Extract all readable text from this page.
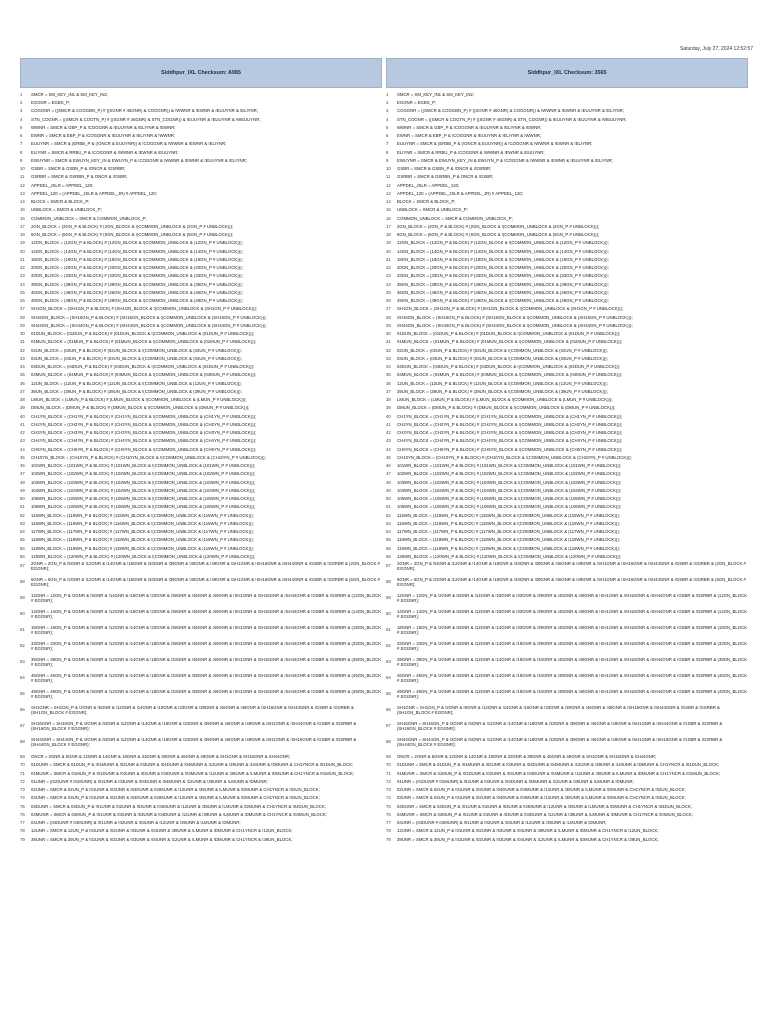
Saturday, July 27, 2024 12:52:57
Siddhpur_IXL Checksum: A985
1	SMCR = SM_KEY_IN1 & SM_KEY_IN2;
2	EGGNR = EGBS_P;
3	COGGNR = ((SMCR & COGGBN_P) # ((SGNR # 46GNR) & COGGNR)) & !WWNR & !EWNR & !EUUYNR & !ELIYNR;
4	STN_COGNR = ((SMCR & COGTN_P) # ((SGNR # 46GNR) & STN_COGNR)) & !EUUYNR & !EUUYNR & !WEUUYNR;
5	WWNR = SMCR & GBP_P & !COGGNR & !EUUYNR & !ELIYNR & !EWNR;
6	EWNR = SMCR & EBP_P & !COGGNR & !EUUYNR & !ELIYNR & !WWNR;
7	EUUYNR = SMCR & (ERBB_P & (!ONCR & EUUYNR)) & !COGGNR & !WWNR & !EWNR & !ELIYNR;
8	ELIYNR = SMCR & RRBU_P & !COGGNR & !WWNR & !EWNR & !EUUYNR;
9	EWUYNR = SMCR & EWUYN_KEY_IN & EWUYN_P & !COGGNR & !WWNR & !EWNR & !EUUYNR & !ELIYNR;
10	GSBR = SMCR & GSBN_P & !ONCR & !GSRBR;
11	GSRBR = SMCR & GSRBN_P & ONCR & !GSBR;
12	APPDEL_JSLR = APPDEL_120;
13	APPDEL_120 = (APPDEL_JSLR & APPDEL_JR) # APPDEL_120;
14	BLOCK = SMCR & BLOCK_P;
15	UNBLOCK = SMCR & UNBLOCK_P;
16	COMMON_UNBLOCK = SMCR & COMMON_UNBLOCK_P;
17	2GN_BLOCK = (2GN_P & BLOCK) # (2GN_BLOCK & !(COMMON_UNBLOCK & (2GN_P # UNBLOCK)));
18	5GN_BLOCK = (5GN_P & BLOCK) # (5GN_BLOCK & !(COMMON_UNBLOCK & (5GN_P # UNBLOCK)));
19	12GN_BLOCK = (12GN_P & BLOCK) # (12GN_BLOCK & !(COMMON_UNBLOCK & (12GN_P # UNBLOCK)));
20	14GN_BLOCK = (14GN_P & BLOCK) # (14GN_BLOCK & !(COMMON_UNBLOCK & (14GN_P # UNBLOCK)));
21	18GN_BLOCK = (18GN_P & BLOCK) # (18GN_BLOCK & !(COMMON_UNBLOCK & (18GN_P # UNBLOCK)));
22	20GN_BLOCK = (20GN_P & BLOCK) # (20GN_BLOCK & !(COMMON_UNBLOCK & (20GN_P # UNBLOCK)));
23	33GN_BLOCK = (33GN_P & BLOCK) # (33GN_BLOCK & !(COMMON_UNBLOCK & (33GN_P # UNBLOCK)));
24	39GN_BLOCK = (39GN_P & BLOCK) # (39GN_BLOCK & !(COMMON_UNBLOCK & (39GN_P # UNBLOCK)));
25	46GN_BLOCK = (46GN_P & BLOCK) # (46GN_BLOCK & !(COMMON_UNBLOCK & (46GN_P # UNBLOCK)));
26	49GN_BLOCK = (49GN_P & BLOCK) # (49GN_BLOCK & !(COMMON_UNBLOCK & (49GN_P # UNBLOCK)));
27	SH1GN_BLOCK = (SH1GN_P & BLOCK) # (SH1GN_BLOCK & !(COMMON_UNBLOCK & (SH1GN_P # UNBLOCK)));
28	SH16GN_BLOCK = (SH16GN_P & BLOCK) # (SH16GN_BLOCK & !(COMMON_UNBLOCK & (SH16GN_P # UNBLOCK)));
29	SH44GN_BLOCK = (SH44GN_P & BLOCK) # (SH44GN_BLOCK & !(COMMON_UNBLOCK & (SH44GN_P # UNBLOCK)));
30	01DUN_BLOCK = (01DUN_P & BLOCK) # (01DUN_BLOCK & !(COMMON_UNBLOCK & (01DUN_P # UNBLOCK)));
31	01MUN_BLOCK = (01MUN_P & BLOCK) # (01MUN_BLOCK & !(COMMON_UNBLOCK & (01MUN_P # UNBLOCK)));
32	02UN_BLOCK = (02UN_P & BLOCK) # (02UN_BLOCK & !(COMMON_UNBLOCK & (02UN_P # UNBLOCK)));
33	03UN_BLOCK = (03UN_P & BLOCK) # (03UN_BLOCK & !(COMMON_UNBLOCK & (03UN_P # UNBLOCK)));
34	04DUN_BLOCK = (04DUN_P & BLOCK) # (04DUN_BLOCK & !(COMMON_UNBLOCK & (04DUN_P # UNBLOCK)));
35	04MUN_BLOCK = (04MUN_P & BLOCK) # (04MUN_BLOCK & !(COMMON_UNBLOCK & (04MUN_P # UNBLOCK)));
36	12UN_BLOCK = (12UN_P & BLOCK) # (12UN_BLOCK & !(COMMON_UNBLOCK & (12UN_P # UNBLOCK)));
37	39UN_BLOCK = (39UN_P & BLOCK) # (39UN_BLOCK & !(COMMON_UNBLOCK & (39UN_P # UNBLOCK)));
38	LMUN_BLOCK = (LMUN_P & BLOCK) # (LMUN_BLOCK & !(COMMON_UNBLOCK & (LMUN_P # UNBLOCK)));
39	DMUN_BLOCK = (DMUN_P & BLOCK) # (DMUN_BLOCK & !(COMMON_UNBLOCK & (DMUN_P # UNBLOCK)));
40	CH1YN_BLOCK = (CH1YN_P & BLOCK) # (CH1YN_BLOCK & !(COMMON_UNBLOCK & (CH1YN_P # UNBLOCK)));
41	CH2YN_BLOCK = (CH2YN_P & BLOCK) # (CH2YN_BLOCK & !(COMMON_UNBLOCK & (CH2YN_P # UNBLOCK)));
42	CH3YN_BLOCK = (CH3YN_P & BLOCK) # (CH3YN_BLOCK & !(COMMON_UNBLOCK & (CH3YN_P # UNBLOCK)));
43	CH4YN_BLOCK = (CH4YN_P & BLOCK) # (CH4YN_BLOCK & !(COMMON_UNBLOCK & (CH4YN_P # UNBLOCK)));
44	CH5YN_BLOCK = (CH5YN_P & BLOCK) # (CH5YN_BLOCK & !(COMMON_UNBLOCK & (CH5YN_P # UNBLOCK)));
45	CH10YN_BLOCK = (CH10YN_P & BLOCK) # (CH10YN_BLOCK & !(COMMON_UNBLOCK & (CH10YN_P # UNBLOCK)));
46	101WN_BLOCK = (101WN_P & BLOCK) # (101WN_BLOCK & !(COMMON_UNBLOCK & (101WN_P # UNBLOCK)));
47	102WN_BLOCK = (102WN_P & BLOCK) # (102WN_BLOCK & !(COMMON_UNBLOCK & (102WN_P # UNBLOCK)));
48	103WN_BLOCK = (103WN_P & BLOCK) # (103WN_BLOCK & !(COMMON_UNBLOCK & (103WN_P # UNBLOCK)));
49	104WN_BLOCK = (104WN_P & BLOCK) # (104WN_BLOCK & !(COMMON_UNBLOCK & (104WN_P # UNBLOCK)));
50	105WN_BLOCK = (105WN_P & BLOCK) # (105WN_BLOCK & !(COMMON_UNBLOCK & (105WN_P # UNBLOCK)));
51	106WN_BLOCK = (106WN_P & BLOCK) # (106WN_BLOCK & !(COMMON_UNBLOCK & (106WN_P # UNBLOCK)));
52	115WN_BLOCK = (115WN_P & BLOCK) # (115WN_BLOCK & !(COMMON_UNBLOCK & (115WN_P # UNBLOCK)));
53	116WN_BLOCK = (116WN_P & BLOCK) # (116WN_BLOCK & !(COMMON_UNBLOCK & (116WN_P # UNBLOCK)));
54	117WN_BLOCK = (117WN_P & BLOCK) # (117WN_BLOCK & !(COMMON_UNBLOCK & (117WN_P # UNBLOCK)));
55	118WN_BLOCK = (118WN_P & BLOCK) # (118WN_BLOCK & !(COMMON_UNBLOCK & (118WN_P # UNBLOCK)));
56	119WN_BLOCK = (119WN_P & BLOCK) # (119WN_BLOCK & !(COMMON_UNBLOCK & (119WN_P # UNBLOCK)));
56	120WN_BLOCK = (120WN_P & BLOCK) # (120WN_BLOCK & !(COMMON_UNBLOCK & (120WN_P # UNBLOCK)));
57	2GNR = 2GN_P & !5GNR & !12GNR & !14GNR & !18GNR & !33GNR & !39GNR & !46GNR & !49GNR & !SH1GNR & !SH16GNR & !SH44GNR & !GSBR & !GSRBR & (2GN_BLOCK # EGGNR);
58	5GNR = 5GN_P & !2GNR & !12GNR & !14GNR & !18GNR & !33GNR & !39GNR & !46GNR & !49GNR & !SH1GNR & !SH16GNR & !SH44GNR & !GSBR & !GSRBR & (5GN_BLOCK # EGGNR);
59	12GNR = 12GN_P & !2GNR & !5GNR & !14GNR & !18GNR & !33GNR & !39GNR & !46GNR & !49GNR & !SH1GNR & !SH16GNR & !SH44GNR & !GSBR & !GSRBR & (12GN_BLOCK # EGGNR);
60	14GNR = 14GN_P & !2GNR & !5GNR & !12GNR & !18GNR & !33GNR & !39GNR & !46GNR & !49GNR & !SH1GNR & !SH16GNR & !SH44GNR & !GSBR & !GSRBR & (14GN_BLOCK # EGGNR);
61	18GNR = 18GN_P & !2GNR & !5GNR & !12GNR & !14GNR & !33GNR & !39GNR & !46GNR & !49GNR & !SH1GNR & !SH16GNR & !SH44GNR & !GSBR & !GSRBR & (18GN_BLOCK # EGGNR);
62	33GNR = 33GN_P & !2GNR & !5GNR & !12GNR & !14GNR & !18GNR & !39GNR & !46GNR & !49GNR & !SH1GNR & !SH16GNR & !SH44GNR & !GSBR & !GSRBR & (33GN_BLOCK # EGGNR);
63	39GNR = 39GN_P & !2GNR & !5GNR & !12GNR & !14GNR & !18GNR & !33GNR & !46GNR & !49GNR & !SH1GNR & !SH16GNR & !SH44GNR & !GSBR & !GSRBR & (39GN_BLOCK # EGGNR);
64	46GNR = 46GN_P & !2GNR & !5GNR & !12GNR & !14GNR & !18GNR & !33GNR & !39GNR & !49GNR & !SH1GNR & !SH16GNR & !SH44GNR & !GSBR & !GSRBR & (46GN_BLOCK # EGGNR);
65	49GNR = 49GN_P & !2GNR & !5GNR & !12GNR & !14GNR & !18GNR & !33GNR & !39GNR & !46GNR & !SH1GNR & !SH16GNR & !SH44GNR & !GSBR & !GSRBR & (49GN_BLOCK # EGGNR);
66	SH1GNR = SH1GN_P & !2GNR & !5GNR & !12GNR & !14GNR & !18GNR & !33GNR & !39GNR & !46GNR & !49GNR & !SH16GNR & !SH44GNR & !GSBR & !GSRBR & (SH1GN_BLOCK # EGGNR);
67	SH16GNR = SH16GN_P & !2GNR & !5GNR & !12GNR & !14GNR & !18GNR & !33GNR & !39GNR & !46GNR & !49GNR & !SH1GNR & !SH44GNR & !GSBR & !GSRBR & (SH16GN_BLOCK # EGGNR);
68	SH44GNR = SH44GN_P & !2GNR & !5GNR & !12GNR & !14GNR & !18GNR & !33GNR & !39GNR & !46GNR & !49GNR & !SH1GNR & !SH16GNR & !GSBR & !GSRBR & (SH44GN_BLOCK # EGGNR);
69	ONCR = 2GNR & 5GNR & 12GNR & 14GNR & 18GNR & 33GNR & 39GNR & 46GNR & 49GNR & SH1GNR & SH16GNR & SH44GNR;
70	01DUNR = SMCR & 01DUN_P & !01MUNR & !02UNR & !03UNR & !04DUNR & !04MUNR & !12UNR & !39UNR & !LMUNR & !DMUNR & CH1YNCR & !01DUN_BLOCK;
71	01MUNR = SMCR & 01MUN_P & !01DUNR & !02UNR & !03UNR & !04DUNR & !04MUNR & !12UNR & !39UNR & !LMUNR & !DMUNR & CH1YNCR & !01MUN_BLOCK;
72	01UNR = (01DUNR # 01MUNR) & !02UNR & !03UNR & !04DUNR & !04MUNR & !12UNR & !39UNR & !LMUNR & !DMUNR;
73	02UNR = SMCR & 02UN_P & !01UNR & !03UNR & !04DUNR & !04MUNR & !12UNR & !39UNR & !LMUNR & !DMUNR & CH1YNCR & !02UN_BLOCK;
74	03UNR = SMCR & 03UN_P & !01UNR & !02UNR & !04DUNR & !04MUNR & !12UNR & !39UNR & !LMUNR & !DMUNR & CH1YNCR & !03UN_BLOCK;
75	04DUNR = SMCR & 04DUN_P & !01UNR & !02UNR & !03UNR & !04MUNR & !12UNR & !39UNR & !LMUNR & !DMUNR & CH1YNCR & !04DUN_BLOCK;
76	04MUNR = SMCR & 04MUN_P & !01UNR & !02UNR & !03UNR & !04DUNR & !12UNR & !39UNR & !LMUNR & !DMUNR & CH1YNCR & !04MUN_BLOCK;
77	04UNR = (04DUNR # 04MUNR) & !01UNR & !02UNR & !03UNR & !12UNR & !39UNR & !LMUNR & !DMUNR;
78	12UNR = SMCR & 12UN_P & !01UNR & !02UNR & !03UNR & !04UNR & !39UNR & !LMUNR & !DMUNR & CH1YNCR & !12UN_BLOCK;
79	39UNR = SMCR & 39UN_P & !01UNR & !02UNR & !03UNR & !04UNR & !12UNR & !LMUNR & !DMUNR & CH1YNCR & !39UN_BLOCK;
Siddhpur_IXL Checksum: 3565
1	SMCR = SM_KEY_IN1 & SM_KEY_IN2;
2	EGGNR = EGBS_P;
3	COGGNR = ((SMCR & COGGBN_P) # ((SGNR # 46GNR) & COGGNR)) & !WWNR & !EWNR & !EUUYNR & !ELIYNR;
4	STN_COGNR = ((SMCR & COGTN_P) # ((SGNR # 46GNR) & STN_COGNR)) & !EUUYNR & !EUUYNR & !WEUUYNR;
5	WWNR = SMCR & GBP_P & !COGGNR & !EUUYNR & !ELIYNR & !EWNR;
6	EWNR = SMCR & EBP_P & !COGGNR & !EUUYNR & !ELIYNR & !WWNR;
7	EUUYNR = SMCR & (ERBB_P & (!ONCR & EUUYNR)) & !COGGNR & !WWNR & !EWNR & !ELIYNR;
8	ELIYNR = SMCR & RRBU_P & !COGGNR & !WWNR & !EWNR & !EUUYNR;
9	EWUYNR = SMCR & EWUYN_KEY_IN & EWUYN_P & !COGGNR & !WWNR & !EWNR & !EUUYNR & !ELIYNR;
10	GSBR = SMCR & GSBN_P & !ONCR & !GSRBR;
11	GSRBR = SMCR & GSRBN_P & ONCR & !GSBR;
12	APPDEL_JSLR = APPDEL_120;
13	APPDEL_120 = (APPDEL_JSLR & APPDEL_JR) # APPDEL_120;
14	BLOCK = SMCR & BLOCK_P;
15	UNBLOCK = SMCR & UNBLOCK_P;
16	COMMON_UNBLOCK = SMCR & COMMON_UNBLOCK_P;
17	2GN_BLOCK = (2GN_P & BLOCK) # (2GN_BLOCK & !(COMMON_UNBLOCK & (2GN_P # UNBLOCK)));
18	5GN_BLOCK = (5GN_P & BLOCK) # (5GN_BLOCK & !(COMMON_UNBLOCK & (5GN_P # UNBLOCK)));
19	12GN_BLOCK = (12GN_P & BLOCK) # (12GN_BLOCK & !(COMMON_UNBLOCK & (12GN_P # UNBLOCK)));
20	14GN_BLOCK = (14GN_P & BLOCK) # (14GN_BLOCK & !(COMMON_UNBLOCK & (14GN_P # UNBLOCK)));
21	18GN_BLOCK = (18GN_P & BLOCK) # (18GN_BLOCK & !(COMMON_UNBLOCK & (18GN_P # UNBLOCK)));
22	20GN_BLOCK = (20GN_P & BLOCK) # (20GN_BLOCK & !(COMMON_UNBLOCK & (20GN_P # UNBLOCK)));
23	33GN_BLOCK = (33GN_P & BLOCK) # (33GN_BLOCK & !(COMMON_UNBLOCK & (33GN_P # UNBLOCK)));
24	39GN_BLOCK = (39GN_P & BLOCK) # (39GN_BLOCK & !(COMMON_UNBLOCK & (39GN_P # UNBLOCK)));
25	46GN_BLOCK = (46GN_P & BLOCK) # (46GN_BLOCK & !(COMMON_UNBLOCK & (46GN_P # UNBLOCK)));
26	49GN_BLOCK = (49GN_P & BLOCK) # (49GN_BLOCK & !(COMMON_UNBLOCK & (49GN_P # UNBLOCK)));
27	SH1GN_BLOCK = (SH1GN_P & BLOCK) # (SH1GN_BLOCK & !(COMMON_UNBLOCK & (SH1GN_P # UNBLOCK)));
28	SH16GN_BLOCK = (SH16GN_P & BLOCK) # (SH16GN_BLOCK & !(COMMON_UNBLOCK & (SH16GN_P # UNBLOCK)));
29	SH44GN_BLOCK = (SH44GN_P & BLOCK) # (SH44GN_BLOCK & !(COMMON_UNBLOCK & (SH44GN_P # UNBLOCK)));
30	01DUN_BLOCK = (01DUN_P & BLOCK) # (01DUN_BLOCK & !(COMMON_UNBLOCK & (01DUN_P # UNBLOCK)));
31	01MUN_BLOCK = (01MUN_P & BLOCK) # (01MUN_BLOCK & !(COMMON_UNBLOCK & (01MUN_P # UNBLOCK)));
32	02UN_BLOCK = (02UN_P & BLOCK) # (02UN_BLOCK & !(COMMON_UNBLOCK & (02UN_P # UNBLOCK)));
33	03UN_BLOCK = (03UN_P & BLOCK) # (03UN_BLOCK & !(COMMON_UNBLOCK & (03UN_P # UNBLOCK)));
34	04DUN_BLOCK = (04DUN_P & BLOCK) # (04DUN_BLOCK & !(COMMON_UNBLOCK & (04DUN_P # UNBLOCK)));
35	04MUN_BLOCK = (04MUN_P & BLOCK) # (04MUN_BLOCK & !(COMMON_UNBLOCK & (04MUN_P # UNBLOCK)));
36	12UN_BLOCK = (12UN_P & BLOCK) # (12UN_BLOCK & !(COMMON_UNBLOCK & (12UN_P # UNBLOCK)));
37	39UN_BLOCK = (39UN_P & BLOCK) # (39UN_BLOCK & !(COMMON_UNBLOCK & (39UN_P # UNBLOCK)));
38	LMUN_BLOCK = (LMUN_P & BLOCK) # (LMUN_BLOCK & !(COMMON_UNBLOCK & (LMUN_P # UNBLOCK)));
39	DMUN_BLOCK = (DMUN_P & BLOCK) # (DMUN_BLOCK & !(COMMON_UNBLOCK & (DMUN_P # UNBLOCK)));
40	CH1YN_BLOCK = (CH1YN_P & BLOCK) # (CH1YN_BLOCK & !(COMMON_UNBLOCK & (CH1YN_P # UNBLOCK)));
41	CH2YN_BLOCK = (CH2YN_P & BLOCK) # (CH2YN_BLOCK & !(COMMON_UNBLOCK & (CH2YN_P # UNBLOCK)));
42	CH3YN_BLOCK = (CH3YN_P & BLOCK) # (CH3YN_BLOCK & !(COMMON_UNBLOCK & (CH3YN_P # UNBLOCK)));
43	CH4YN_BLOCK = (CH4YN_P & BLOCK) # (CH4YN_BLOCK & !(COMMON_UNBLOCK & (CH4YN_P # UNBLOCK)));
44	CH5YN_BLOCK = (CH5YN_P & BLOCK) # (CH5YN_BLOCK & !(COMMON_UNBLOCK & (CH5YN_P # UNBLOCK)));
45	CH10YN_BLOCK = (CH10YN_P & BLOCK) # (CH10YN_BLOCK & !(COMMON_UNBLOCK & (CH10YN_P # UNBLOCK)));
46	101WN_BLOCK = (101WN_P & BLOCK) # (101WN_BLOCK & !(COMMON_UNBLOCK & (101WN_P # UNBLOCK)));
47	102WN_BLOCK = (102WN_P & BLOCK) # (102WN_BLOCK & !(COMMON_UNBLOCK & (102WN_P # UNBLOCK)));
48	103WN_BLOCK = (103WN_P & BLOCK) # (103WN_BLOCK & !(COMMON_UNBLOCK & (103WN_P # UNBLOCK)));
49	104WN_BLOCK = (104WN_P & BLOCK) # (104WN_BLOCK & !(COMMON_UNBLOCK & (104WN_P # UNBLOCK)));
50	105WN_BLOCK = (105WN_P & BLOCK) # (105WN_BLOCK & !(COMMON_UNBLOCK & (105WN_P # UNBLOCK)));
51	106WN_BLOCK = (106WN_P & BLOCK) # (106WN_BLOCK & !(COMMON_UNBLOCK & (106WN_P # UNBLOCK)));
52	115WN_BLOCK = (115WN_P & BLOCK) # (115WN_BLOCK & !(COMMON_UNBLOCK & (115WN_P # UNBLOCK)));
53	116WN_BLOCK = (116WN_P & BLOCK) # (116WN_BLOCK & !(COMMON_UNBLOCK & (116WN_P # UNBLOCK)));
54	117WN_BLOCK = (117WN_P & BLOCK) # (117WN_BLOCK & !(COMMON_UNBLOCK & (117WN_P # UNBLOCK)));
55	118WN_BLOCK = (118WN_P & BLOCK) # (118WN_BLOCK & !(COMMON_UNBLOCK & (118WN_P # UNBLOCK)));
56	119WN_BLOCK = (119WN_P & BLOCK) # (119WN_BLOCK & !(COMMON_UNBLOCK & (119WN_P # UNBLOCK)));
56	120WN_BLOCK = (120WN_P & BLOCK) # (120WN_BLOCK & !(COMMON_UNBLOCK & (120WN_P # UNBLOCK)));
57	2GNR = 2GN_P & !5GNR & !12GNR & !14GNR & !18GNR & !33GNR & !39GNR & !46GNR & !49GNR & !SH1GNR & !SH16GNR & !SH44GNR & !GSBR & !GSRBR & (2GN_BLOCK # EGGNR);
58	5GNR = 5GN_P & !2GNR & !12GNR & !14GNR & !18GNR & !33GNR & !39GNR & !46GNR & !49GNR & !SH1GNR & !SH16GNR & !SH44GNR & !GSBR & !GSRBR & (5GN_BLOCK # EGGNR);
59	12GNR = 12GN_P & !2GNR & !5GNR & !14GNR & !18GNR & !33GNR & !39GNR & !46GNR & !49GNR & !SH1GNR & !SH16GNR & !SH44GNR & !GSBR & !GSRBR & (12GN_BLOCK # EGGNR);
60	14GNR = 14GN_P & !2GNR & !5GNR & !12GNR & !18GNR & !33GNR & !39GNR & !46GNR & !49GNR & !SH1GNR & !SH16GNR & !SH44GNR & !GSBR & !GSRBR & (14GN_BLOCK # EGGNR);
61	18GNR = 18GN_P & !2GNR & !5GNR & !12GNR & !14GNR & !33GNR & !39GNR & !46GNR & !49GNR & !SH1GNR & !SH16GNR & !SH44GNR & !GSBR & !GSRBR & (18GN_BLOCK # EGGNR);
62	33GNR = 33GN_P & !2GNR & !5GNR & !12GNR & !14GNR & !18GNR & !39GNR & !46GNR & !49GNR & !SH1GNR & !SH16GNR & !SH44GNR & !GSBR & !GSRBR & (33GN_BLOCK # EGGNR);
63	39GNR = 39GN_P & !2GNR & !5GNR & !12GNR & !14GNR & !18GNR & !33GNR & !46GNR & !49GNR & !SH1GNR & !SH16GNR & !SH44GNR & !GSBR & !GSRBR & (39GN_BLOCK # EGGNR);
64	46GNR = 46GN_P & !2GNR & !5GNR & !12GNR & !14GNR & !18GNR & !33GNR & !39GNR & !49GNR & !SH1GNR & !SH16GNR & !SH44GNR & !GSBR & !GSRBR & (46GN_BLOCK # EGGNR);
65	49GNR = 49GN_P & !2GNR & !5GNR & !12GNR & !14GNR & !18GNR & !33GNR & !39GNR & !46GNR & !SH1GNR & !SH16GNR & !SH44GNR & !GSBR & !GSRBR & (49GN_BLOCK # EGGNR);
66	SH1GNR = SH1GN_P & !2GNR & !5GNR & !12GNR & !14GNR & !18GNR & !33GNR & !39GNR & !46GNR & !49GNR & !SH16GNR & !SH44GNR & !GSBR & !GSRBR & (SH1GN_BLOCK # EGGNR);
67	SH16GNR = SH16GN_P & !2GNR & !5GNR & !12GNR & !14GNR & !18GNR & !33GNR & !39GNR & !46GNR & !49GNR & !SH1GNR & !SH44GNR & !GSBR & !GSRBR & (SH16GN_BLOCK # EGGNR);
68	SH44GNR = SH44GN_P & !2GNR & !5GNR & !12GNR & !14GNR & !18GNR & !33GNR & !39GNR & !46GNR & !49GNR & !SH1GNR & !SH16GNR & !GSBR & !GSRBR & (SH44GN_BLOCK # EGGNR);
69	ONCR = 2GNR & 5GNR & 12GNR & 14GNR & 18GNR & 33GNR & 39GNR & 46GNR & 49GNR & SH1GNR & SH16GNR & SH44GNR;
70	01DUNR = SMCR & 01DUN_P & !01MUNR & !02UNR & !03UNR & !04DUNR & !04MUNR & !12UNR & !39UNR & !LMUNR & !DMUNR & CH1YNCR & !01DUN_BLOCK;
71	01MUNR = SMCR & 01MUN_P & !01DUNR & !02UNR & !03UNR & !04DUNR & !04MUNR & !12UNR & !39UNR & !LMUNR & !DMUNR & CH1YNCR & !01MUN_BLOCK;
72	01UNR = (01DUNR # 01MUNR) & !02UNR & !03UNR & !04DUNR & !04MUNR & !12UNR & !39UNR & !LMUNR & !DMUNR;
73	02UNR = SMCR & 02UN_P & !01UNR & !03UNR & !04DUNR & !04MUNR & !12UNR & !39UNR & !LMUNR & !DMUNR & CH1YNCR & !02UN_BLOCK;
74	03UNR = SMCR & 03UN_P & !01UNR & !02UNR & !04DUNR & !04MUNR & !12UNR & !39UNR & !LMUNR & !DMUNR & CH1YNCR & !03UN_BLOCK;
75	04DUNR = SMCR & 04DUN_P & !01UNR & !02UNR & !03UNR & !04MUNR & !12UNR & !39UNR & !LMUNR & !DMUNR & CH1YNCR & !04DUN_BLOCK;
76	04MUNR = SMCR & 04MUN_P & !01UNR & !02UNR & !03UNR & !04DUNR & !12UNR & !39UNR & !LMUNR & !DMUNR & CH1YNCR & !04MUN_BLOCK;
77	04UNR = (04DUNR # 04MUNR) & !01UNR & !02UNR & !03UNR & !12UNR & !39UNR & !LMUNR & !DMUNR;
78	12UNR = SMCR & 12UN_P & !01UNR & !02UNR & !03UNR & !04UNR & !39UNR & !LMUNR & !DMUNR & CH1YNCR & !12UN_BLOCK;
79	39UNR = SMCR & 39UN_P & !01UNR & !02UNR & !03UNR & !04UNR & !12UNR & !LMUNR & !DMUNR & CH1YNCR & !39UN_BLOCK;
